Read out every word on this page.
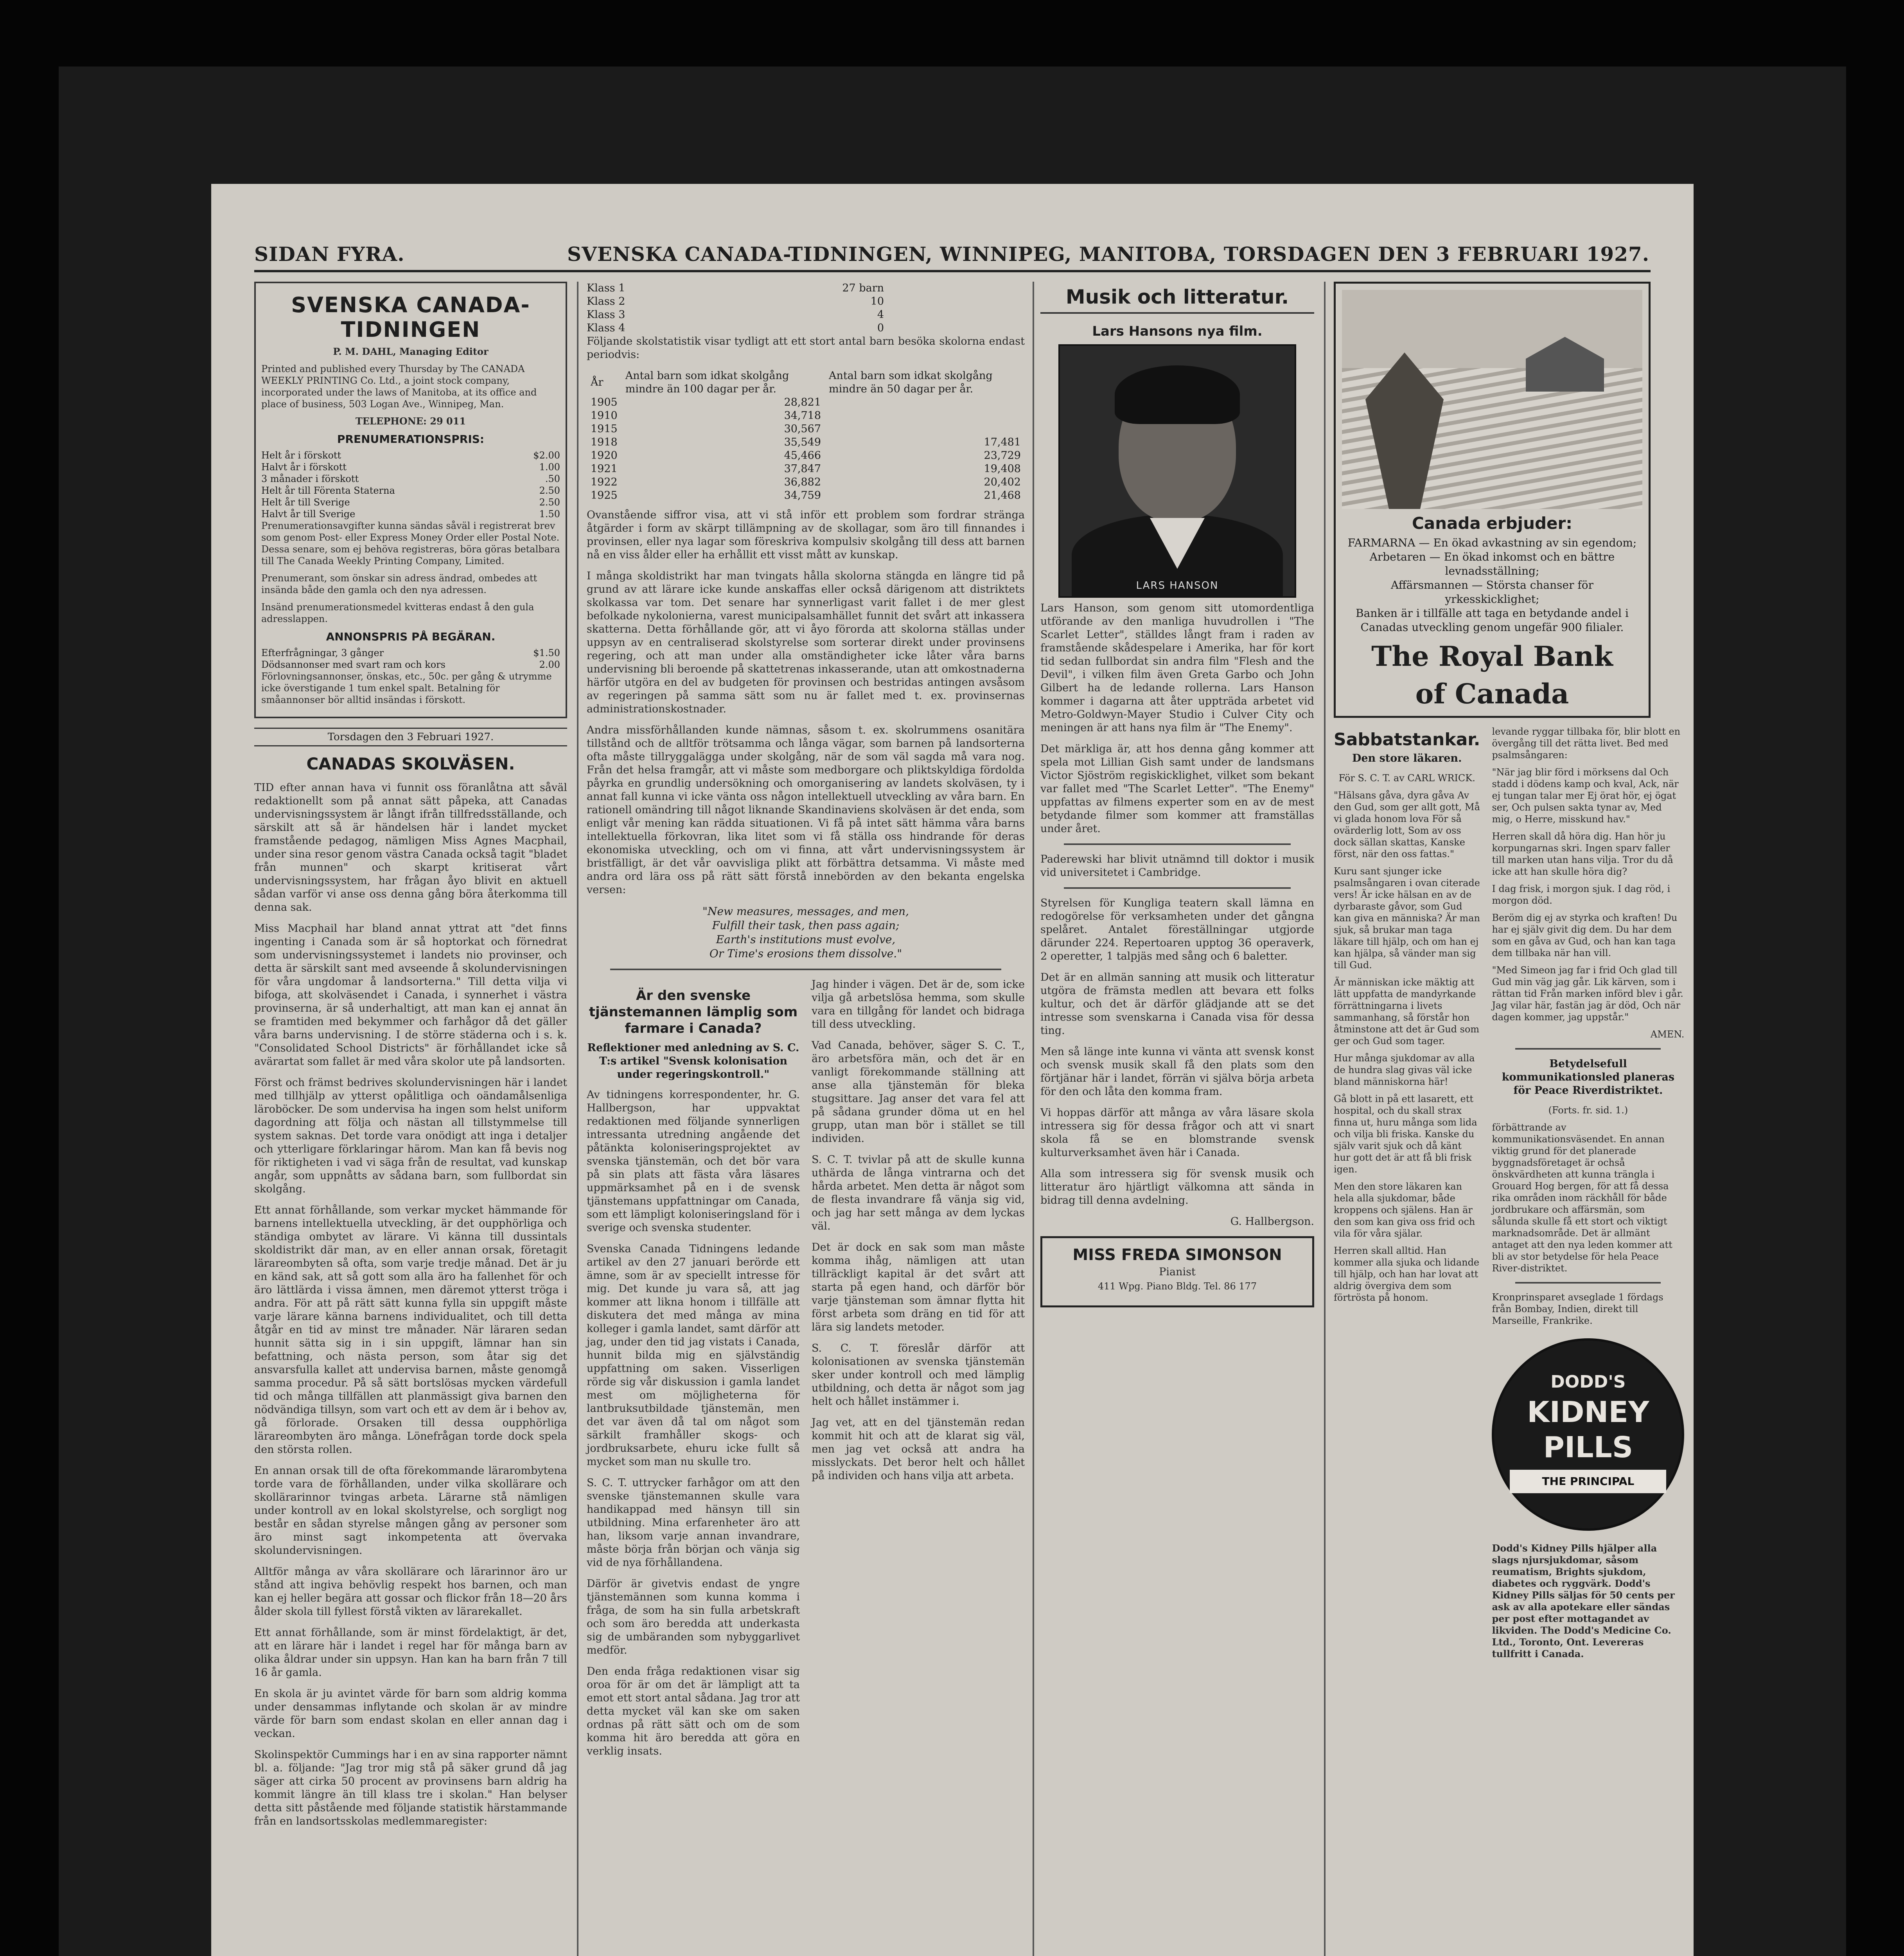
SIDAN FYRA.	SVENSKA CANADA-TIDNINGEN, WINNIPEG, MANITOBA, TORSDAGEN DEN 3 FEBRUARI 1927.
SVENSKA CANADA-TIDNINGEN

P. M. DAHL, Managing Editor

Printed and published every Thursday by The CANADA WEEKLY PRINTING Co. Ltd., a joint stock company, incorporated under the laws of Manitoba, at its office and place of business, 503 Logan Ave., Winnipeg, Man.

TELEPHONE: 29 011

PRENUMERATIONSPRIS:
Helt år i förskott	$2.00
Halvt år i förskott	1.00
3 månader i förskott	.50
Helt år till Förenta Staterna	2.50
Helt år till Sverige	2.50
Halvt år till Sverige	1.50

Prenumerationsavgifter kunna sändas såväl i registrerat brev som genom Post- eller Express Money Order eller Postal Note. Dessa senare, som ej behöva registreras, böra göras betalbara till The Canada Weekly Printing Company, Limited.

Prenumerant, som önskar sin adress ändrad, ombedes att insända både den gamla och den nya adressen.

Insänd prenumerationsmedel kvitteras endast å den gula adresslappen.

ANNONSPRIS PÅ BEGÄRAN.
Efterfrågningar, 3 gånger	$1.50
Dödsannonser med svart ram och kors	2.00

Förlovningsannonser, önskas, etc., 50c. per gång & utrymme icke överstigande 1 tum enkel spalt. Betalning för småannonser bör alltid insändas i förskott.

Torsdagen den 3 Februari 1927.
CANADAS SKOLVÄSEN.

TID efter annan hava vi funnit oss föranlåtna att såväl redaktionellt som på annat sätt påpeka, att Canadas undervisningssystem är långt ifrån tillfredsställande, och särskilt att så är händelsen här i landet mycket framstående pedagog, nämligen Miss Agnes Macphail, under sina resor genom västra Canada också tagit "bladet från munnen" och skarpt kritiserat vårt undervisningssystem, har frågan åyo blivit en aktuell sådan varför vi anse oss denna gång böra återkomma till denna sak.

Miss Macphail har bland annat yttrat att "det finns ingenting i Canada som är så hoptorkat och förnedrat som undervisningssystemet i landets nio provinser, och detta är särskilt sant med avseende å skolundervisningen för våra ungdomar å landsorterna." Till detta vilja vi bifoga, att skolväsendet i Canada, i synnerhet i västra provinserna, är så underhaltigt, att man kan ej annat än se framtiden med bekymmer och farhågor då det gäller våra barns undervisning. I de större städerna och i s. k. "Consolidated School Districts" är förhållandet icke så avärartat som fallet är med våra skolor ute på landsorten.

Först och främst bedrives skolundervisningen här i landet med tillhjälp av ytterst opålitliga och oändamålsenliga läroböcker. De som undervisa ha ingen som helst uniform dagordning att följa och nästan all tillstymmelse till system saknas. Det torde vara onödigt att inga i detaljer och ytterligare förklaringar härom. Man kan få bevis nog för riktigheten i vad vi säga från de resultat, vad kunskap angår, som uppnåtts av sådana barn, som fullbordat sin skolgång.

Ett annat förhållande, som verkar mycket hämmande för barnens intellektuella utveckling, är det oupphörliga och ständiga ombytet av lärare. Vi känna till dussintals skoldistrikt där man, av en eller annan orsak, företagit lärareombyten så ofta, som varje tredje månad. Det är ju en känd sak, att så gott som alla äro ha fallenhet för och äro lättlärda i vissa ämnen, men däremot ytterst tröga i andra. För att på rätt sätt kunna fylla sin uppgift måste varje lärare känna barnens individualitet, och till detta åtgår en tid av minst tre månader. När läraren sedan hunnit sätta sig in i sin uppgift, lämnar han sin befattning, och nästa person, som åtar sig det ansvarsfulla kallet att undervisa barnen, måste genomgå samma procedur. På så sätt bortslösas mycken värdefull tid och många tillfällen att planmässigt giva barnen den nödvändiga tillsyn, som vart och ett av dem är i behov av, gå förlorade. Orsaken till dessa oupphörliga lärareombyten äro många. Lönefrågan torde dock spela den största rollen.

En annan orsak till de ofta förekommande lärarombytena torde vara de förhållanden, under vilka skollärare och skollärarinnor tvingas arbeta. Lärarne stå nämligen under kontroll av en lokal skolstyrelse, och sorgligt nog består en sådan styrelse mången gång av personer som äro minst sagt inkompetenta att övervaka skolundervisningen.

Alltför många av våra skollärare och lärarinnor äro ur stånd att ingiva behövlig respekt hos barnen, och man kan ej heller begära att gossar och flickor från 18—20 års ålder skola till fyllest förstå vikten av lärarekallet.

Ett annat förhållande, som är minst fördelaktigt, är det, att en lärare här i landet i regel har för många barn av olika åldrar under sin uppsyn. Han kan ha barn från 7 till 16 år gamla.

En skola är ju avintet värde för barn som aldrig komma under densammas inflytande och skolan är av mindre värde för barn som endast skolan en eller annan dag i veckan.

Skolinspektör Cummings har i en av sina rapporter nämnt bl. a. följande: "Jag tror mig stå på säker grund då jag säger att cirka 50 procent av provinsens barn aldrig ha kommit längre än till klass tre i skolan." Han belyser detta sitt påstående med följande statistik härstammande från en landsortsskolas medlemmaregister:

Klass 1	27 barn
Klass 2	10
Klass 3	4
Klass 4	0

Följande skolstatistik visar tydligt att ett stort antal barn besöka skolorna endast periodvis:

År	Antal barn som idkat skolgång mindre än 100 dagar per år.	Antal barn som idkat skolgång mindre än 50 dagar per år.
1905	28,821	
1910	34,718	
1915	30,567	
1918	35,549	17,481
1920	45,466	23,729
1921	37,847	19,408
1922	36,882	20,402
1925	34,759	21,468

Ovanstående siffror visa, att vi stå inför ett problem som fordrar stränga åtgärder i form av skärpt tillämpning av de skollagar, som äro till finnandes i provinsen, eller nya lagar som föreskriva kompulsiv skolgång till dess att barnen nå en viss ålder eller ha erhållit ett visst mått av kunskap.

I många skoldistrikt har man tvingats hålla skolorna stängda en längre tid på grund av att lärare icke kunde anskaffas eller också därigenom att distriktets skolkassa var tom. Det senare har synnerligast varit fallet i de mer glest befolkade nykolonierna, varest municipalsamhället funnit det svårt att inkassera skatterna. Detta förhållande gör, att vi åyo förorda att skolorna ställas under uppsyn av en centraliserad skolstyrelse som sorterar direkt under provinsens regering, och att man under alla omständigheter icke låter våra barns undervisning bli beroende på skattetrenas inkasserande, utan att omkostnaderna härför utgöra en del av budgeten för provinsen och bestridas antingen avsåsom av regeringen på samma sätt som nu är fallet med t. ex. provinsernas administrationskostnader.

Andra missförhållanden kunde nämnas, såsom t. ex. skolrummens osanitära tillstånd och de alltför trötsamma och långa vägar, som barnen på landsorterna ofta måste tillryggalägga under skolgång, när de som väl sagda må vara nog. Från det helsa framgår, att vi måste som medborgare och pliktskyldiga fördolda påyrka en grundlig undersökning och omorganisering av landets skolväsen, ty i annat fall kunna vi icke vänta oss någon intellektuell utveckling av våra barn. En rationell omändring till något liknande Skandinaviens skolväsen är det enda, som enligt vår mening kan rädda situationen. Vi få på intet sätt hämma våra barns intellektuella förkovran, lika litet som vi få ställa oss hindrande för deras ekonomiska utveckling, och om vi finna, att vårt undervisningssystem är bristfälligt, är det vår oavvisliga plikt att förbättra detsamma. Vi måste med andra ord lära oss på rätt sätt förstå innebörden av den bekanta engelska versen:

"New measures, messages, and men,
Fulfill their task, then pass again;
Earth's institutions must evolve,
Or Time's erosions them dissolve."
Är den svenske tjänstemannen lämplig som farmare i Canada?
Reflektioner med anledning av S. C. T:s artikel "Svensk kolonisation under regeringskontroll."

Av tidningens korrespondenter, hr. G. Hallbergson, har uppvaktat redaktionen med följande synnerligen intressanta utredning angående det påtänkta koloniseringsprojektet av svenska tjänstemän, och det bör vara på sin plats att fästa våra läsares uppmärksamhet på en i de svensk tjänstemans uppfattningar om Canada, som ett lämpligt koloniseringsland för i sverige och svenska studenter.

Svenska Canada Tidningens ledande artikel av den 27 januari berörde ett ämne, som är av speciellt intresse för mig. Det kunde ju vara så, att jag kommer att likna honom i tillfälle att diskutera det med många av mina kolleger i gamla landet, samt därför att jag, under den tid jag vistats i Canada, hunnit bilda mig en självständig uppfattning om saken. Visserligen rörde sig vår diskussion i gamla landet mest om möjligheterna för lantbruksutbildade tjänstemän, men det var även då tal om något som särkilt framhåller skogs- och jordbruksarbete, ehuru icke fullt så mycket som man nu skulle tro.

S. C. T. uttrycker farhågor om att den svenske tjänstemannen skulle vara handikappad med hänsyn till sin utbildning. Mina erfarenheter äro att han, liksom varje annan invandrare, måste börja från början och vänja sig vid de nya förhållandena.

Därför är givetvis endast de yngre tjänstemännen som kunna komma i fråga, de som ha sin fulla arbetskraft och som äro beredda att underkasta sig de umbäranden som nybyggarlivet medför.

Den enda fråga redaktionen visar sig oroa för är om det är lämpligt att ta emot ett stort antal sådana. Jag tror att detta mycket väl kan ske om saken ordnas på rätt sätt och om de som komma hit äro beredda att göra en verklig insats.

Jag hinder i vägen. Det är de, som icke vilja gå arbetslösa hemma, som skulle vara en tillgång för landet och bidraga till dess utveckling.

Vad Canada, behöver, säger S. C. T., äro arbetsföra män, och det är en vanligt förekommande ställning att anse alla tjänstemän för bleka stugsittare. Jag anser det vara fel att på sådana grunder döma ut en hel grupp, utan man bör i stället se till individen.

S. C. T. tvivlar på att de skulle kunna uthärda de långa vintrarna och det hårda arbetet. Men detta är något som de flesta invandrare få vänja sig vid, och jag har sett många av dem lyckas väl.

Det är dock en sak som man måste komma ihåg, nämligen att utan tillräckligt kapital är det svårt att starta på egen hand, och därför bör varje tjänsteman som ämnar flytta hit först arbeta som dräng en tid för att lära sig landets metoder.

S. C. T. föreslår därför att kolonisationen av svenska tjänstemän sker under kontroll och med lämplig utbildning, och detta är något som jag helt och hållet instämmer i.

Jag vet, att en del tjänstemän redan kommit hit och att de klarat sig väl, men jag vet också att andra ha misslyckats. Det beror helt och hållet på individen och hans vilja att arbeta.

Musik och litteratur.
Lars Hansons nya film.
LARS HANSON

Lars Hanson, som genom sitt utomordentliga utförande av den manliga huvudrollen i "The Scarlet Letter", ställdes långt fram i raden av framstående skådespelare i Amerika, har för kort tid sedan fullbordat sin andra film "Flesh and the Devil", i vilken film även Greta Garbo och John Gilbert ha de ledande rollerna. Lars Hanson kommer i dagarna att åter uppträda arbetet vid Metro-Goldwyn-Mayer Studio i Culver City och meningen är att hans nya film är "The Enemy".

Det märkliga är, att hos denna gång kommer att spela mot Lillian Gish samt under de landsmans Victor Sjöström regiskicklighet, vilket som bekant var fallet med "The Scarlet Letter". "The Enemy" uppfattas av filmens experter som en av de mest betydande filmer som kommer att framställas under året.

Paderewski har blivit utnämnd till doktor i musik vid universitetet i Cambridge.

Styrelsen för Kungliga teatern skall lämna en redogörelse för verksamheten under det gångna spelåret. Antalet föreställningar utgjorde därunder 224. Repertoaren upptog 36 operaverk, 2 operetter, 1 talpjäs med sång och 6 baletter.

Det är en allmän sanning att musik och litteratur utgöra de främsta medlen att bevara ett folks kultur, och det är därför glädjande att se det intresse som svenskarna i Canada visa för dessa ting.

Men så länge inte kunna vi vänta att svensk konst och svensk musik skall få den plats som den förtjänar här i landet, förrän vi själva börja arbeta för den och låta den komma fram.

Vi hoppas därför att många av våra läsare skola intressera sig för dessa frågor och att vi snart skola få se en blomstrande svensk kulturverksamhet även här i Canada.

Alla som intressera sig för svensk musik och litteratur äro hjärtligt välkomna att sända in bidrag till denna avdelning.

G. Hallbergson.

MISS FREDA SIMONSON
Pianist
411 Wpg. Piano Bldg. Tel. 86 177
Canada erbjuder:
FARMARNA — En ökad avkastning av sin egendom;
Arbetaren — En ökad inkomst och en bättre levnadsställning;
Affärsmannen — Största chanser för yrkesskicklighet;
Banken är i tillfälle att taga en betydande andel i Canadas utveckling genom ungefär 900 filialer.
The Royal Bank
of Canada
Sabbatstankar.
Den store läkaren.

För S. C. T. av CARL WRICK.

"Hälsans gåva, dyra gåva Av den Gud, som ger allt gott, Må vi glada honom lova För så ovärderlig lott, Som av oss dock sällan skattas, Kanske först, när den oss fattas."

Kuru sant sjunger icke psalmsångaren i ovan citerade vers! Är icke hälsan en av de dyrbaraste gåvor, som Gud kan giva en människa? Är man sjuk, så brukar man taga läkare till hjälp, och om han ej kan hjälpa, så vänder man sig till Gud.

Är människan icke mäktig att lätt uppfatta de mandyrkande förrättningarna i livets sammanhang, så förstår hon åtminstone att det är Gud som ger och Gud som tager.

Hur många sjukdomar av alla de hundra slag givas väl icke bland människorna här!

Gå blott in på ett lasarett, ett hospital, och du skall strax finna ut, huru många som lida och vilja bli friska. Kanske du själv varit sjuk och då känt hur gott det är att få bli frisk igen.

Men den store läkaren kan hela alla sjukdomar, både kroppens och själens. Han är den som kan giva oss frid och vila för våra själar.

Herren skall alltid. Han kommer alla sjuka och lidande till hjälp, och han har lovat att aldrig övergiva dem som förtrösta på honom.

levande ryggar tillbaka för, blir blott en övergång till det rätta livet. Bed med psalmsångaren:

"När jag blir förd i mörksens dal Och stadd i dödens kamp och kval, Ack, när ej tungan talar mer Ej örat hör, ej ögat ser, Och pulsen sakta tynar av, Med mig, o Herre, misskund hav."

Herren skall då höra dig. Han hör ju korpungarnas skri. Ingen sparv faller till marken utan hans vilja. Tror du då icke att han skulle höra dig?

I dag frisk, i morgon sjuk. I dag röd, i morgon död.

Beröm dig ej av styrka och kraften! Du har ej själv givit dig dem. Du har dem som en gåva av Gud, och han kan taga dem tillbaka när han vill.

"Med Simeon jag far i frid Och glad till Gud min väg jag går. Lik kärven, som i rättan tid Från marken införd blev i går. Jag vilar här, fastän jag är död, Och när dagen kommer, jag uppstår."

AMEN.

Betydelsefull kommunikationsled planeras för Peace Riverdistriktet.

(Forts. fr. sid. 1.)

förbättrande av kommunikationsväsendet. En annan viktig grund för det planerade byggnadsföretaget är ochså önskvärdheten att kunna trängla i Grouard Hog bergen, för att få dessa rika områden inom räckhåll för både jordbrukare och affärsmän, som sålunda skulle få ett stort och viktigt marknadsområde. Det är allmänt antaget att den nya leden kommer att bli av stor betydelse för hela Peace River-distriktet.

Kronprinsparet avseglade 1 fördags från Bombay, Indien, direkt till Marseille, Frankrike.

DODD'S
KIDNEY
PILLS
THE PRINCIPAL

Dodd's Kidney Pills hjälper alla slags njursjukdomar, såsom reumatism, Brights sjukdom, diabetes och ryggvärk. Dodd's Kidney Pills säljas för 50 cents per ask av alla apotekare eller sändas per post efter mottagandet av likviden. The Dodd's Medicine Co. Ltd., Toronto, Ont. Levereras tullfritt i Canada.
